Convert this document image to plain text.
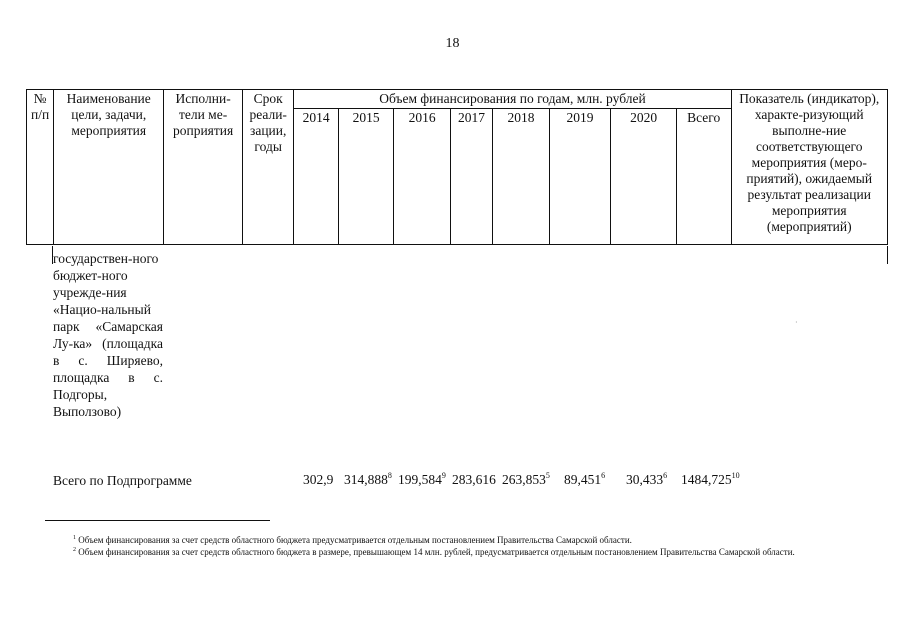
18
№ п/п	Наименование цели, задачи, мероприятия	Исполни-тели ме-роприятия	Срок реали-зации, годы	Объем финансирования по годам, млн. рублей								Показатель (индикатор), характе-ризующий выполне-ние соответствующего мероприятия (меро-приятий), ожидаемый результат реализации мероприятия (мероприятий)
				2014	2015	2016	2017	2018	2019	2020	Всего	
государствен-ного бюджет-ного учрежде-ния «Нацио-нальный парк «Самарская Лу-ка» (площадка в с. Ширяево, площадка в с. Подгоры, Выползово)
·
Всего по Подпрограмме	302,9 314,888$^8$ 199,584$^9$ 283,616 263,853$^5$ 89,451$^6$ 30,433$^6$ 1484,725$^{10}$

$^1$ Объем финансирования за счет средств областного бюджета предусматривается отдельным постановлением Правительства Самарской области.

$^2$ Объем финансирования за счет средств областного бюджета в размере, превышающем 14 млн. рублей, предусматривается отдельным постановлением Правительства Самарской области.
